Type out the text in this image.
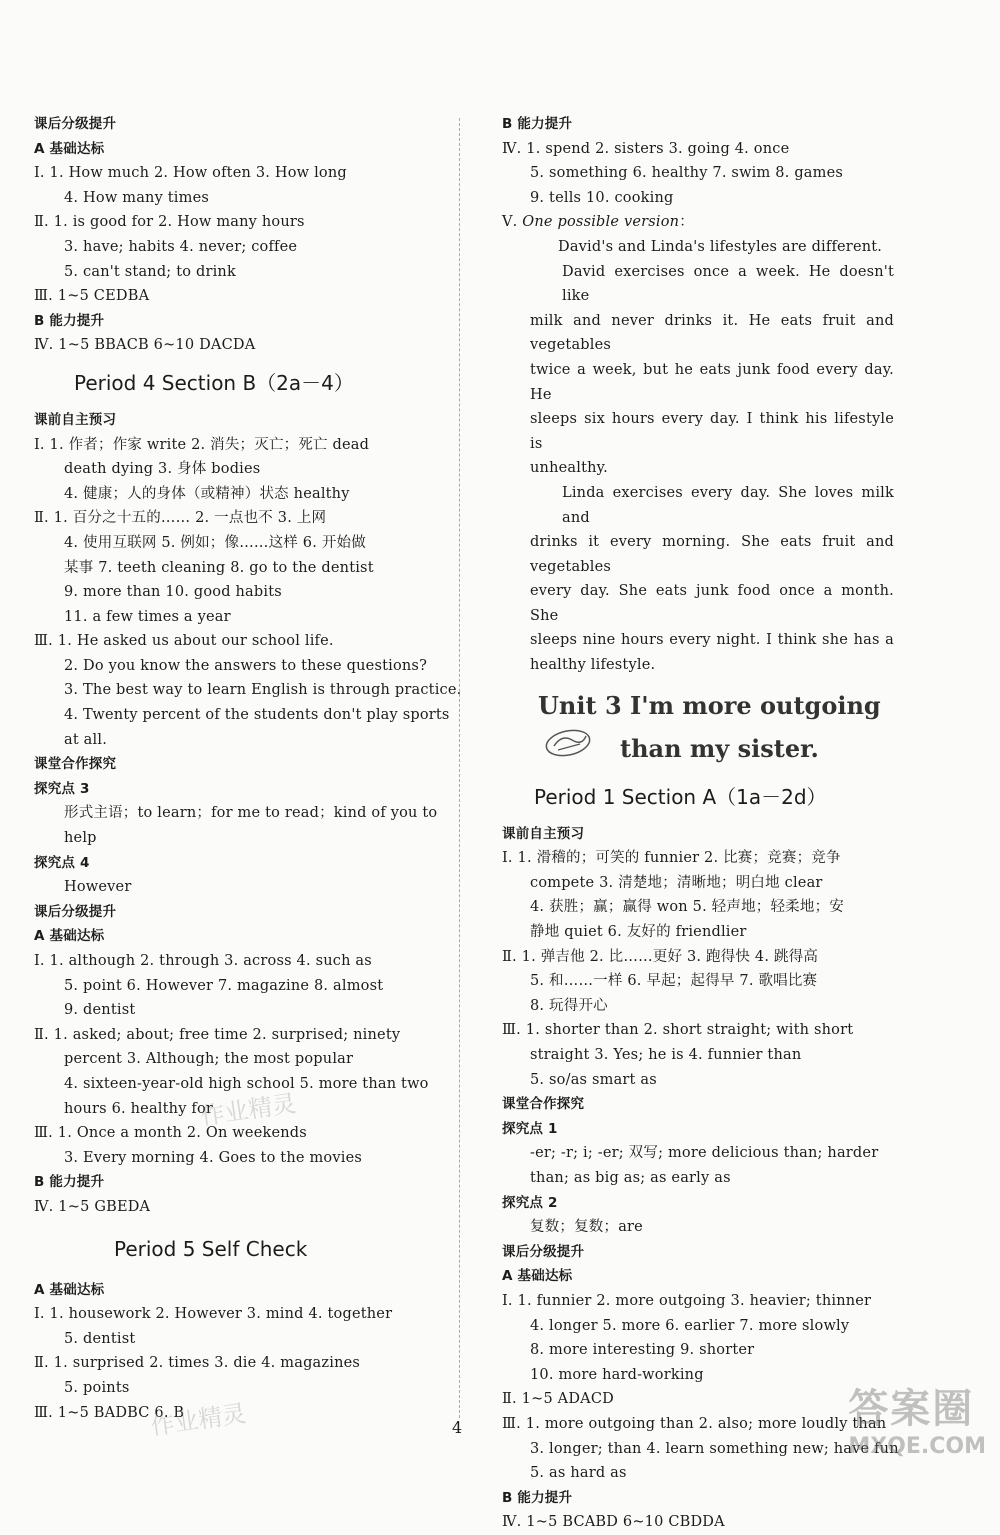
课后分级提升
A 基础达标
Ⅰ. 1. How much 2. How often 3. How long
4. How many times
Ⅱ. 1. is good for 2. How many hours
3. have; habits 4. never; coffee
5. can't stand; to drink
Ⅲ. 1~5 CEDBA
B 能力提升
Ⅳ. 1~5 BBACB 6~10 DACDA
Period 4 Section B（2a－4）
课前自主预习
Ⅰ. 1. 作者；作家 write 2. 消失；灭亡；死亡 dead
death dying 3. 身体 bodies
4. 健康；人的身体（或精神）状态 healthy
Ⅱ. 1. 百分之十五的…… 2. 一点也不 3. 上网
4. 使用互联网 5. 例如；像……这样 6. 开始做
某事 7. teeth cleaning 8. go to the dentist
9. more than 10. good habits
11. a few times a year
Ⅲ. 1. He asked us about our school life.
2. Do you know the answers to these questions?
3. The best way to learn English is through practice.
4. Twenty percent of the students don't play sports
at all.
课堂合作探究
探究点 3
形式主语；to learn；for me to read；kind of you to
help
探究点 4
However
课后分级提升
A 基础达标
Ⅰ. 1. although 2. through 3. across 4. such as
5. point 6. However 7. magazine 8. almost
9. dentist
Ⅱ. 1. asked; about; free time 2. surprised; ninety
percent 3. Although; the most popular
4. sixteen-year-old high school 5. more than two
hours 6. healthy for
Ⅲ. 1. Once a month 2. On weekends
3. Every morning 4. Goes to the movies
B 能力提升
Ⅳ. 1~5 GBEDA
Period 5 Self Check
A 基础达标
Ⅰ. 1. housework 2. However 3. mind 4. together
5. dentist
Ⅱ. 1. surprised 2. times 3. die 4. magazines
5. points
Ⅲ. 1~5 BADBC 6. B
B 能力提升
Ⅳ. 1. spend 2. sisters 3. going 4. once
5. something 6. healthy 7. swim 8. games
9. tells 10. cooking
Ⅴ. One possible version：
David's and Linda's lifestyles are different.
David exercises once a week. He doesn't like
milk and never drinks it. He eats fruit and vegetables
twice a week, but he eats junk food every day. He
sleeps six hours every day. I think his lifestyle is
unhealthy.
Linda exercises every day. She loves milk and
drinks it every morning. She eats fruit and vegetables
every day. She eats junk food once a month. She
sleeps nine hours every night. I think she has a
healthy lifestyle.
Unit 3 I'm more outgoing
than my sister.
Period 1 Section A（1a－2d）
课前自主预习
Ⅰ. 1. 滑稽的；可笑的 funnier 2. 比赛；竞赛；竞争
compete 3. 清楚地；清晰地；明白地 clear
4. 获胜；赢；赢得 won 5. 轻声地；轻柔地；安
静地 quiet 6. 友好的 friendlier
Ⅱ. 1. 弹吉他 2. 比……更好 3. 跑得快 4. 跳得高
5. 和……一样 6. 早起；起得早 7. 歌唱比赛
8. 玩得开心
Ⅲ. 1. shorter than 2. short straight; with short
straight 3. Yes; he is 4. funnier than
5. so/as smart as
课堂合作探究
探究点 1
-er; -r; i; -er; 双写; more delicious than; harder
than; as big as; as early as
探究点 2
复数；复数；are
课后分级提升
A 基础达标
Ⅰ. 1. funnier 2. more outgoing 3. heavier; thinner
4. longer 5. more 6. earlier 7. more slowly
8. more interesting 9. shorter
10. more hard-working
Ⅱ. 1~5 ADACD
Ⅲ. 1. more outgoing than 2. also; more loudly than
3. longer; than 4. learn something new; have fun
5. as hard as
B 能力提升
Ⅳ. 1~5 BCABD 6~10 CBDDA
作业精灵
作业精灵	4	答案圈
MXQE.COM
